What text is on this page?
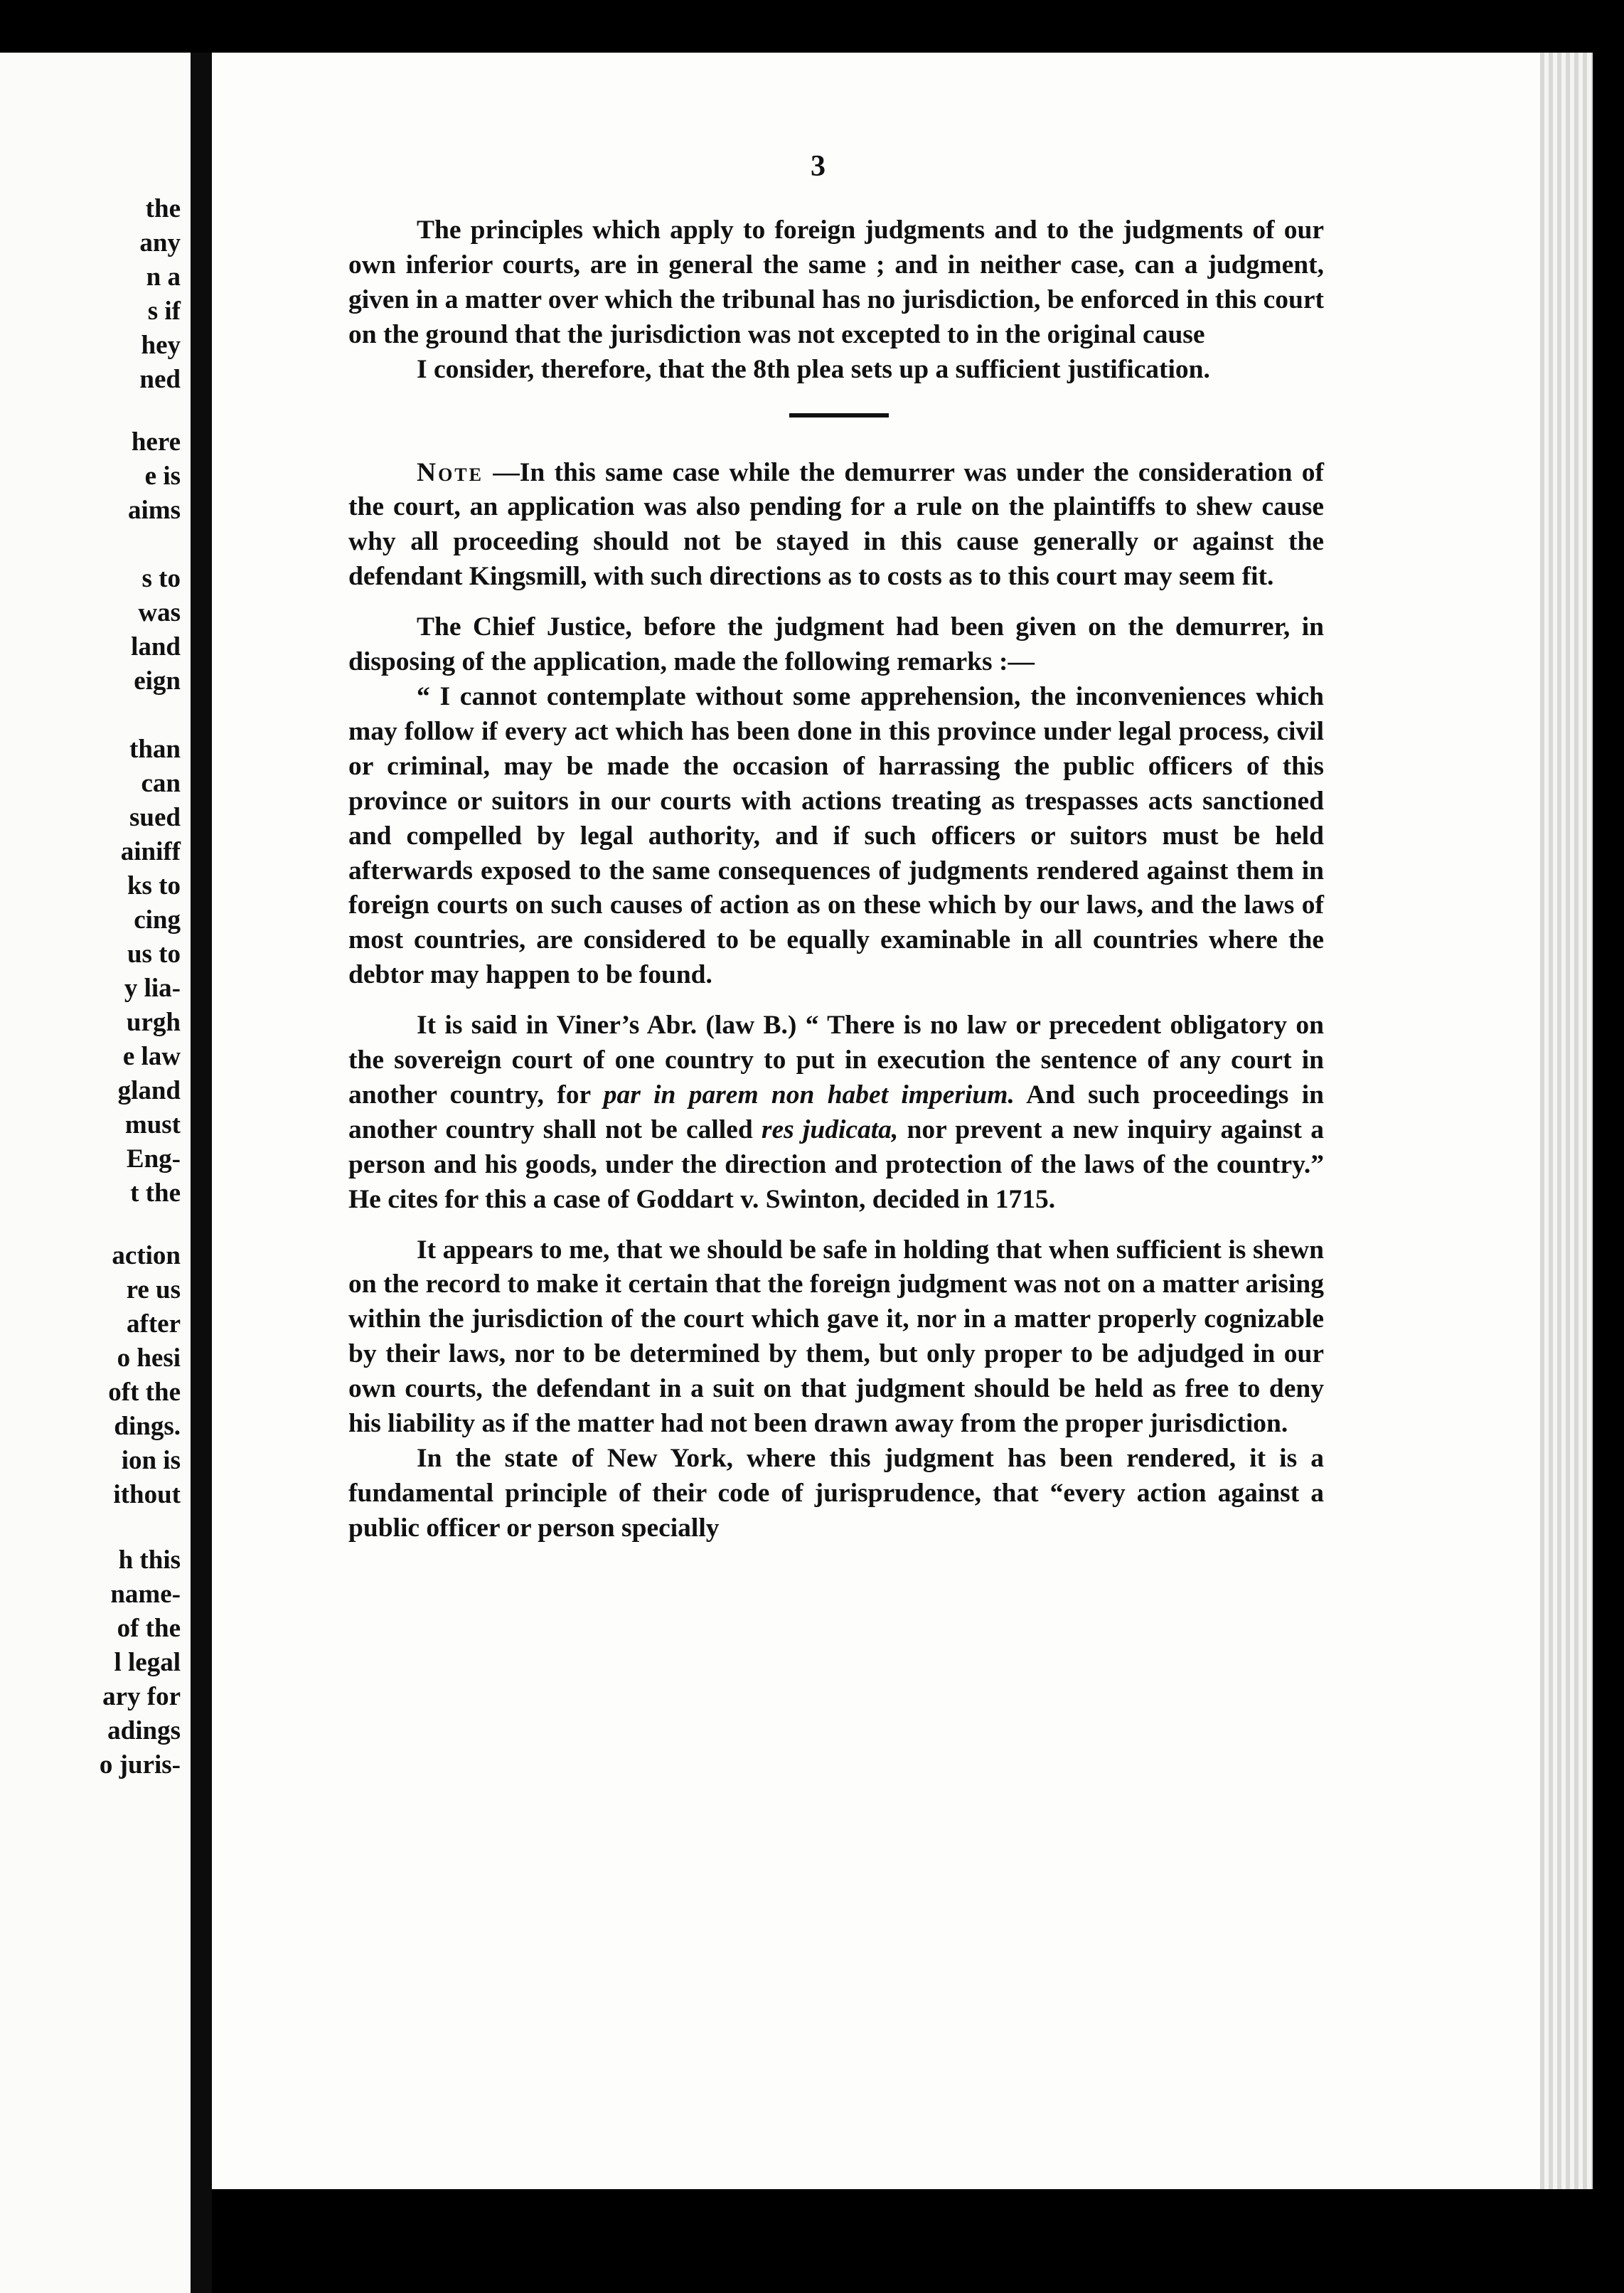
the
any
n a
s if
hey
ned
here
e is
aims
s to
was
land
eign
than
can
sued
ainiff
ks to
cing
us to
y lia-
urgh
e law
gland
must
Eng-
t the
action
re us
after
o hesi
oft the
dings.
ion is
ithout
h this
name-
of the
l legal
ary for
adings
o juris-
3

The principles which apply to foreign judgments and to the judgments of our own inferior courts, are in general the same ; and in neither case, can a judgment, given in a matter over which the tribunal has no jurisdiction, be enforced in this court on the ground that the jurisdiction was not excepted to in the original cause

I consider, therefore, that the 8th plea sets up a sufficient justification.

Note —In this same case while the demurrer was under the consideration of the court, an application was also pending for a rule on the plaintiffs to shew cause why all proceeding should not be stayed in this cause generally or against the defendant Kingsmill, with such directions as to costs as to this court may seem fit.

The Chief Justice, before the judgment had been given on the demurrer, in disposing of the application, made the following remarks :—

“ I cannot contemplate without some apprehension, the inconveniences which may follow if every act which has been done in this province under legal process, civil or criminal, may be made the occasion of harrassing the public officers of this province or suitors in our courts with actions treating as trespasses acts sanctioned and compelled by legal authority, and if such officers or suitors must be held afterwards exposed to the same consequences of judgments rendered against them in foreign courts on such causes of action as on these which by our laws, and the laws of most countries, are considered to be equally examinable in all countries where the debtor may happen to be found.

It is said in Viner’s Abr. (law B.) “ There is no law or precedent obligatory on the sovereign court of one country to put in execution the sentence of any court in another country, for par in parem non habet imperium. And such proceedings in another country shall not be called res judicata, nor prevent a new inquiry against a person and his goods, under the direction and protection of the laws of the country.” He cites for this a case of Goddart v. Swinton, decided in 1715.

It appears to me, that we should be safe in holding that when sufficient is shewn on the record to make it certain that the foreign judgment was not on a matter arising within the jurisdiction of the court which gave it, nor in a matter properly cognizable by their laws, nor to be determined by them, but only proper to be adjudged in our own courts, the defendant in a suit on that judgment should be held as free to deny his liability as if the matter had not been drawn away from the proper jurisdiction.

In the state of New York, where this judgment has been rendered, it is a fundamental principle of their code of jurisprudence, that “every action against a public officer or person specially
